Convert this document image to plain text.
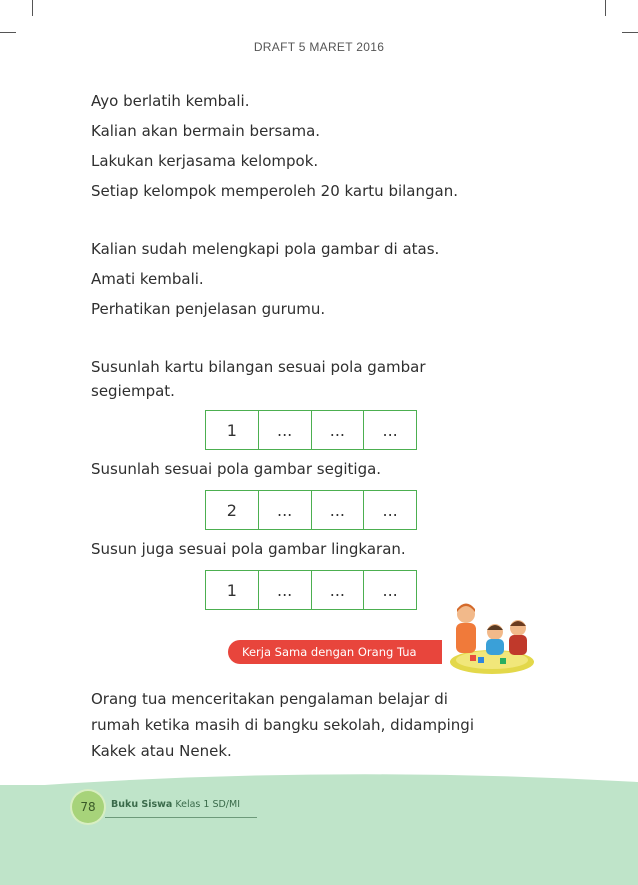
DRAFT 5 MARET 2016
Ayo berlatih kembali.
Kalian akan bermain bersama.
Lakukan kerjasama kelompok.
Setiap kelompok memperoleh 20 kartu bilangan.
Kalian sudah melengkapi pola gambar di atas.
Amati kembali.
Perhatikan penjelasan gurumu.
Susunlah kartu bilangan sesuai pola gambar
segiempat.
1	...	...	...
Susunlah sesuai pola gambar segitiga.
2	...	...	...
Susun juga sesuai pola gambar lingkaran.
1	...	...	...
Kerja Sama dengan Orang Tua
Orang tua menceritakan pengalaman belajar di
rumah ketika masih di bangku sekolah, didampingi
Kakek atau Nenek.
78	Buku Siswa Kelas 1 SD/MI
